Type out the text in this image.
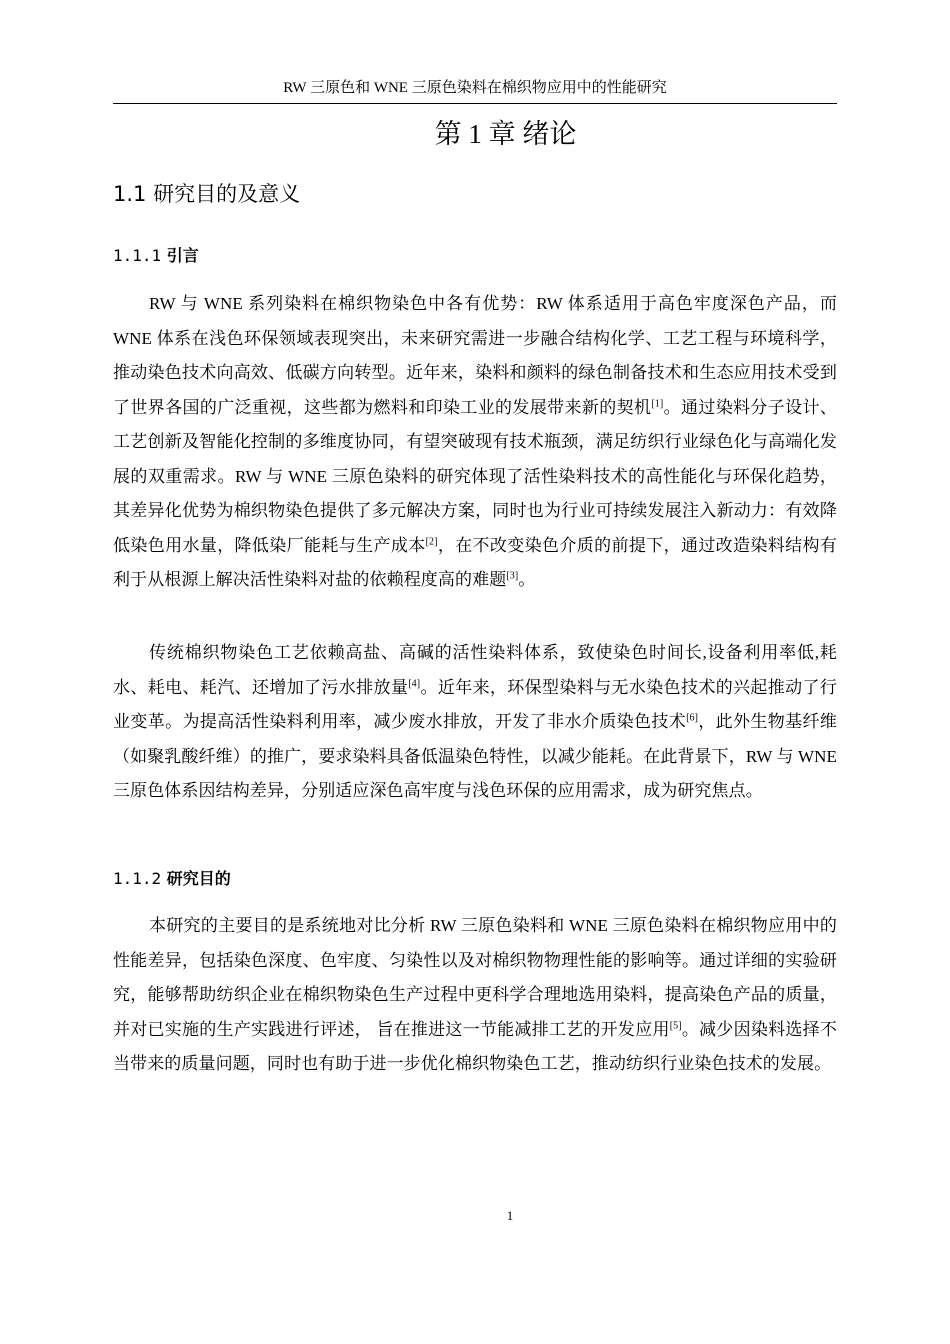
RW 三原色和 WNE 三原色染料在棉织物应用中的性能研究
第 1 章 绪论
1.1 研究目的及意义
1.1.1 引言

RW 与 WNE 系列染料在棉织物染色中各有优势：RW 体系适用于高色牢度深色产品，而 WNE 体系在浅色环保领域表现突出，未来研究需进一步融合结构化学、工艺工程与环境科学，推动染色技术向高效、低碳方向转型。近年来，染料和颜料的绿色制备技术和生态应用技术受到了世界各国的广泛重视，这些都为燃料和印染工业的发展带来新的契机[1]。通过染料分子设计、工艺创新及智能化控制的多维度协同，有望突破现有技术瓶颈，满足纺织行业绿色化与高端化发展的双重需求。RW 与 WNE 三原色染料的研究体现了活性染料技术的高性能化与环保化趋势，其差异化优势为棉织物染色提供了多元解决方案，同时也为行业可持续发展注入新动力：有效降低染色用水量，降低染厂能耗与生产成本[2]，在不改变染色介质的前提下，通过改造染料结构有利于从根源上解决活性染料对盐的依赖程度高的难题[3]。

传统棉织物染色工艺依赖高盐、高碱的活性染料体系，致使染色时间长,设备利用率低,耗水、耗电、耗汽、还增加了污水排放量[4]。近年来，环保型染料与无水染色技术的兴起推动了行业变革。为提高活性染料利用率，减少废水排放，开发了非水介质染色技术[6]，此外生物基纤维（如聚乳酸纤维）的推广，要求染料具备低温染色特性，以减少能耗。在此背景下，RW 与 WNE 三原色体系因结构差异，分别适应深色高牢度与浅色环保的应用需求，成为研究焦点。

1.1.2 研究目的

本研究的主要目的是系统地对比分析 RW 三原色染料和 WNE 三原色染料在棉织物应用中的性能差异，包括染色深度、色牢度、匀染性以及对棉织物物理性能的影响等。通过详细的实验研究，能够帮助纺织企业在棉织物染色生产过程中更科学合理地选用染料，提高染色产品的质量，并对已实施的生产实践进行评述， 旨在推进这一节能减排工艺的开发应用[5]。减少因染料选择不当带来的质量问题，同时也有助于进一步优化棉织物染色工艺，推动纺织行业染色技术的发展。

1
